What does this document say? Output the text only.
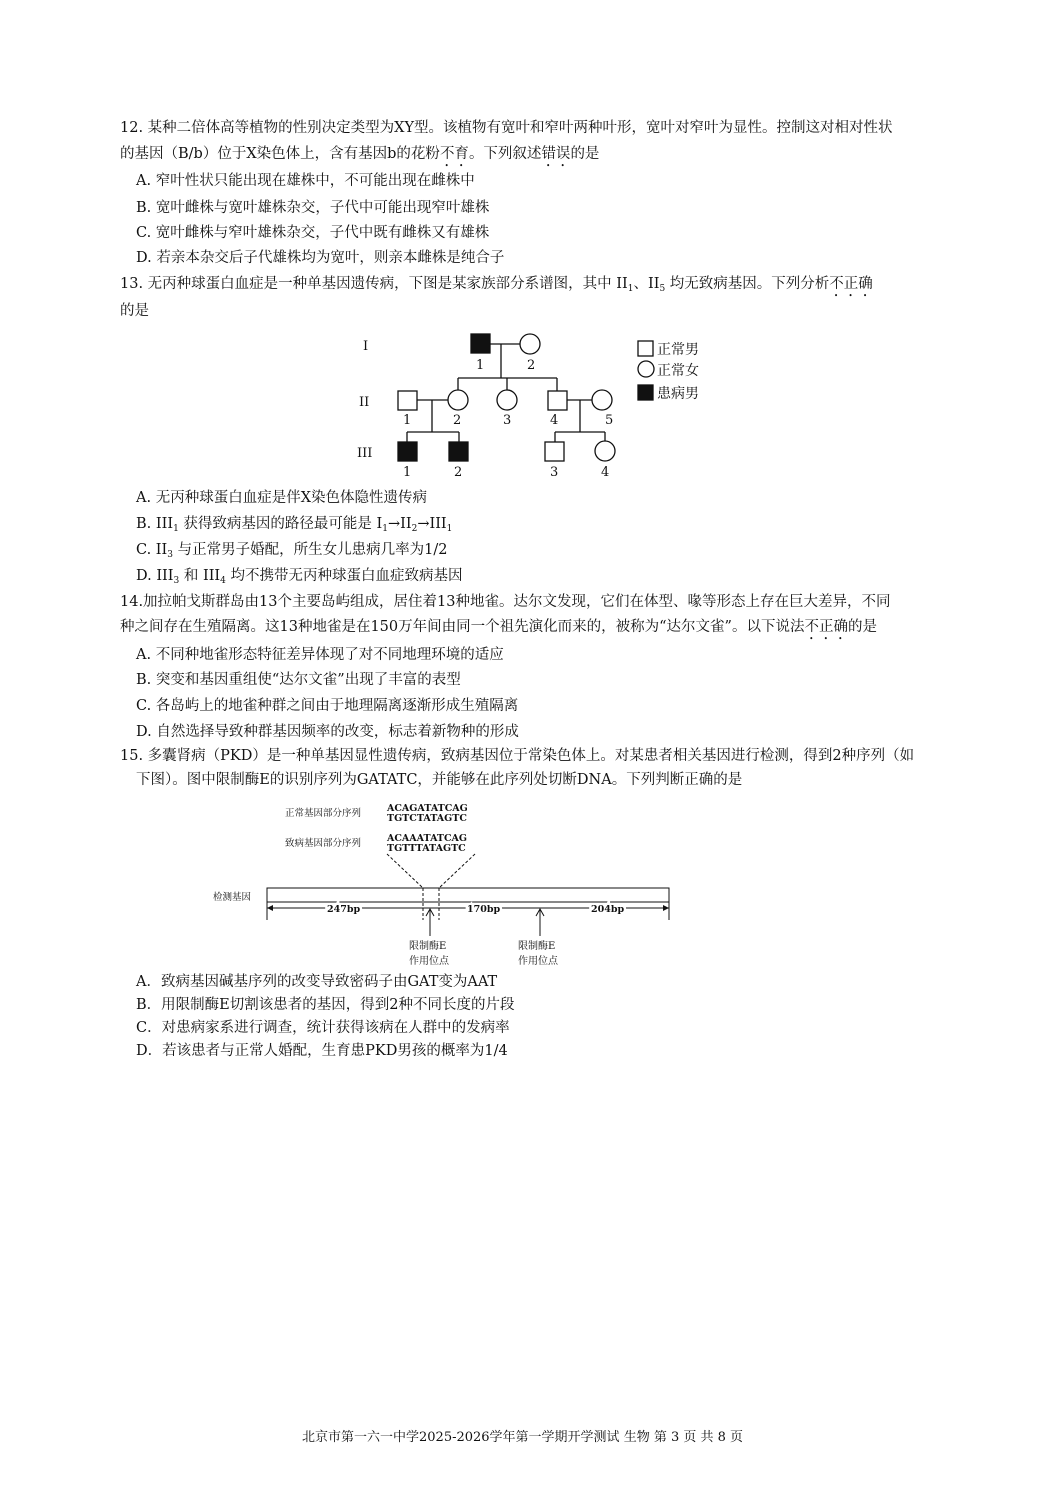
12. 某种二倍体高等植物的性别决定类型为XY型。该植物有宽叶和窄叶两种叶形，宽叶对窄叶为显性。控制这对相对性状
的基因（B/b）位于X染色体上，含有基因b的花粉不育。下列叙述错误的是
A. 窄叶性状只能出现在雄株中，不可能出现在雌株中
B. 宽叶雌株与宽叶雄株杂交，子代中可能出现窄叶雄株
C. 宽叶雌株与窄叶雄株杂交，子代中既有雌株又有雄株
D. 若亲本杂交后子代雄株均为宽叶，则亲本雌株是纯合子
13. 无丙种球蛋白血症是一种单基因遗传病，下图是某家族部分系谱图，其中 $II_1$、$II_5$ 均无致病基因。下列分析不正确
的是
I
II
III
1	2
1	2	3	4	5
1	2	3	4
正常男
正常女
患病男
A. 无丙种球蛋白血症是伴X染色体隐性遗传病
B. $III_1$ 获得致病基因的路径最可能是 $I_1\to II_2\to III_1$
C. $II_3$ 与正常男子婚配，所生女儿患病几率为1/2
D. $III_3$ 和 $III_4$ 均不携带无丙种球蛋白血症致病基因
14.加拉帕戈斯群岛由13个主要岛屿组成，居住着13种地雀。达尔文发现，它们在体型、喙等形态上存在巨大差异，不同
种之间存在生殖隔离。这13种地雀是在150万年间由同一个祖先演化而来的，被称为“达尔文雀”。以下说法不正确的是
A. 不同种地雀形态特征差异体现了对不同地理环境的适应
B. 突变和基因重组使“达尔文雀”出现了丰富的表型
C. 各岛屿上的地雀种群之间由于地理隔离逐渐形成生殖隔离
D. 自然选择导致种群基因频率的改变，标志着新物种的形成
15. 多囊肾病（PKD）是一种单基因显性遗传病，致病基因位于常染色体上。对某患者相关基因进行检测，得到2种序列（如
下图）。图中限制酶E的识别序列为GATATC，并能够在此序列处切断DNA。下列判断正确的是
正常基因部分序列
致病基因部分序列
检测基因
ACAGATATCAG
TGTCTATAGTC
ACAAATATCAG
TGTTTATAGTC
247bp	170bp	204bp
限制酶E
作用位点
限制酶E
作用位点
A．致病基因碱基序列的改变导致密码子由GAT变为AAT
B．用限制酶E切割该患者的基因，得到2种不同长度的片段
C．对患病家系进行调查，统计获得该病在人群中的发病率
D．若该患者与正常人婚配，生育患PKD男孩的概率为1/4
北京市第一六一中学2025-2026学年第一学期开学测试 生物 第 3 页 共 8 页
